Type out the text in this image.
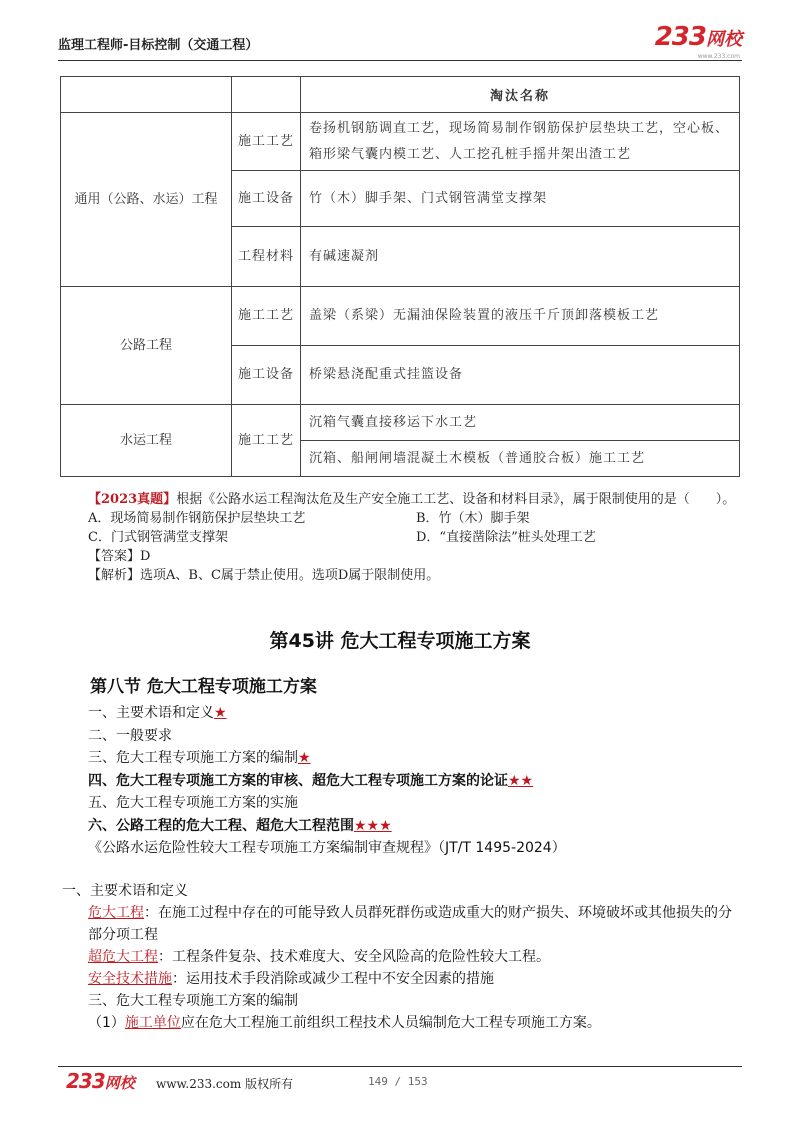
监理工程师-目标控制（交通工程）	233网校
www.233.com
		淘汰名称
通用（公路、水运）工程	施工工艺	卷扬机钢筋调直工艺，现场简易制作钢筋保护层垫块工艺，空心板、箱形梁气囊内模工艺、人工挖孔桩手摇井架出渣工艺
	施工设备	竹（木）脚手架、门式钢管满堂支撑架
	工程材料	有碱速凝剂
公路工程	施工工艺	盖梁（系梁）无漏油保险装置的液压千斤顶卸落模板工艺
	施工设备	桥梁悬浇配重式挂篮设备
水运工程	施工工艺	沉箱气囊直接移运下水工艺
		沉箱、船闸闸墙混凝土木模板（普通胶合板）施工工艺

【2023真题】根据《公路水运工程淘汰危及生产安全施工工艺、设备和材料目录》，属于限制使用的是（　　）。

A．现场简易制作钢筋保护层垫块工艺	B．竹（木）脚手架
C．门式钢管满堂支撑架	D．“直接凿除法”桩头处理工艺
【答案】D
【解析】选项A、B、C属于禁止使用。选项D属于限制使用。
第45讲 危大工程专项施工方案
第八节 危大工程专项施工方案
一、主要术语和定义★
二、一般要求
三、危大工程专项施工方案的编制★
四、危大工程专项施工方案的审核、超危大工程专项施工方案的论证★★
五、危大工程专项施工方案的实施
六、公路工程的危大工程、超危大工程范围★★★
《公路水运危险性较大工程专项施工方案编制审查规程》（JT/T 1495-2024）
一、主要术语和定义
危大工程：在施工过程中存在的可能导致人员群死群伤或造成重大的财产损失、环境破坏或其他损失的分部分项工程
超危大工程：工程条件复杂、技术难度大、安全风险高的危险性较大工程。
安全技术措施：运用技术手段消除或减少工程中不安全因素的措施
三、危大工程专项施工方案的编制
（1）施工单位应在危大工程施工前组织工程技术人员编制危大工程专项施工方案。
233网校 www.233.com 版权所有	149 / 153
